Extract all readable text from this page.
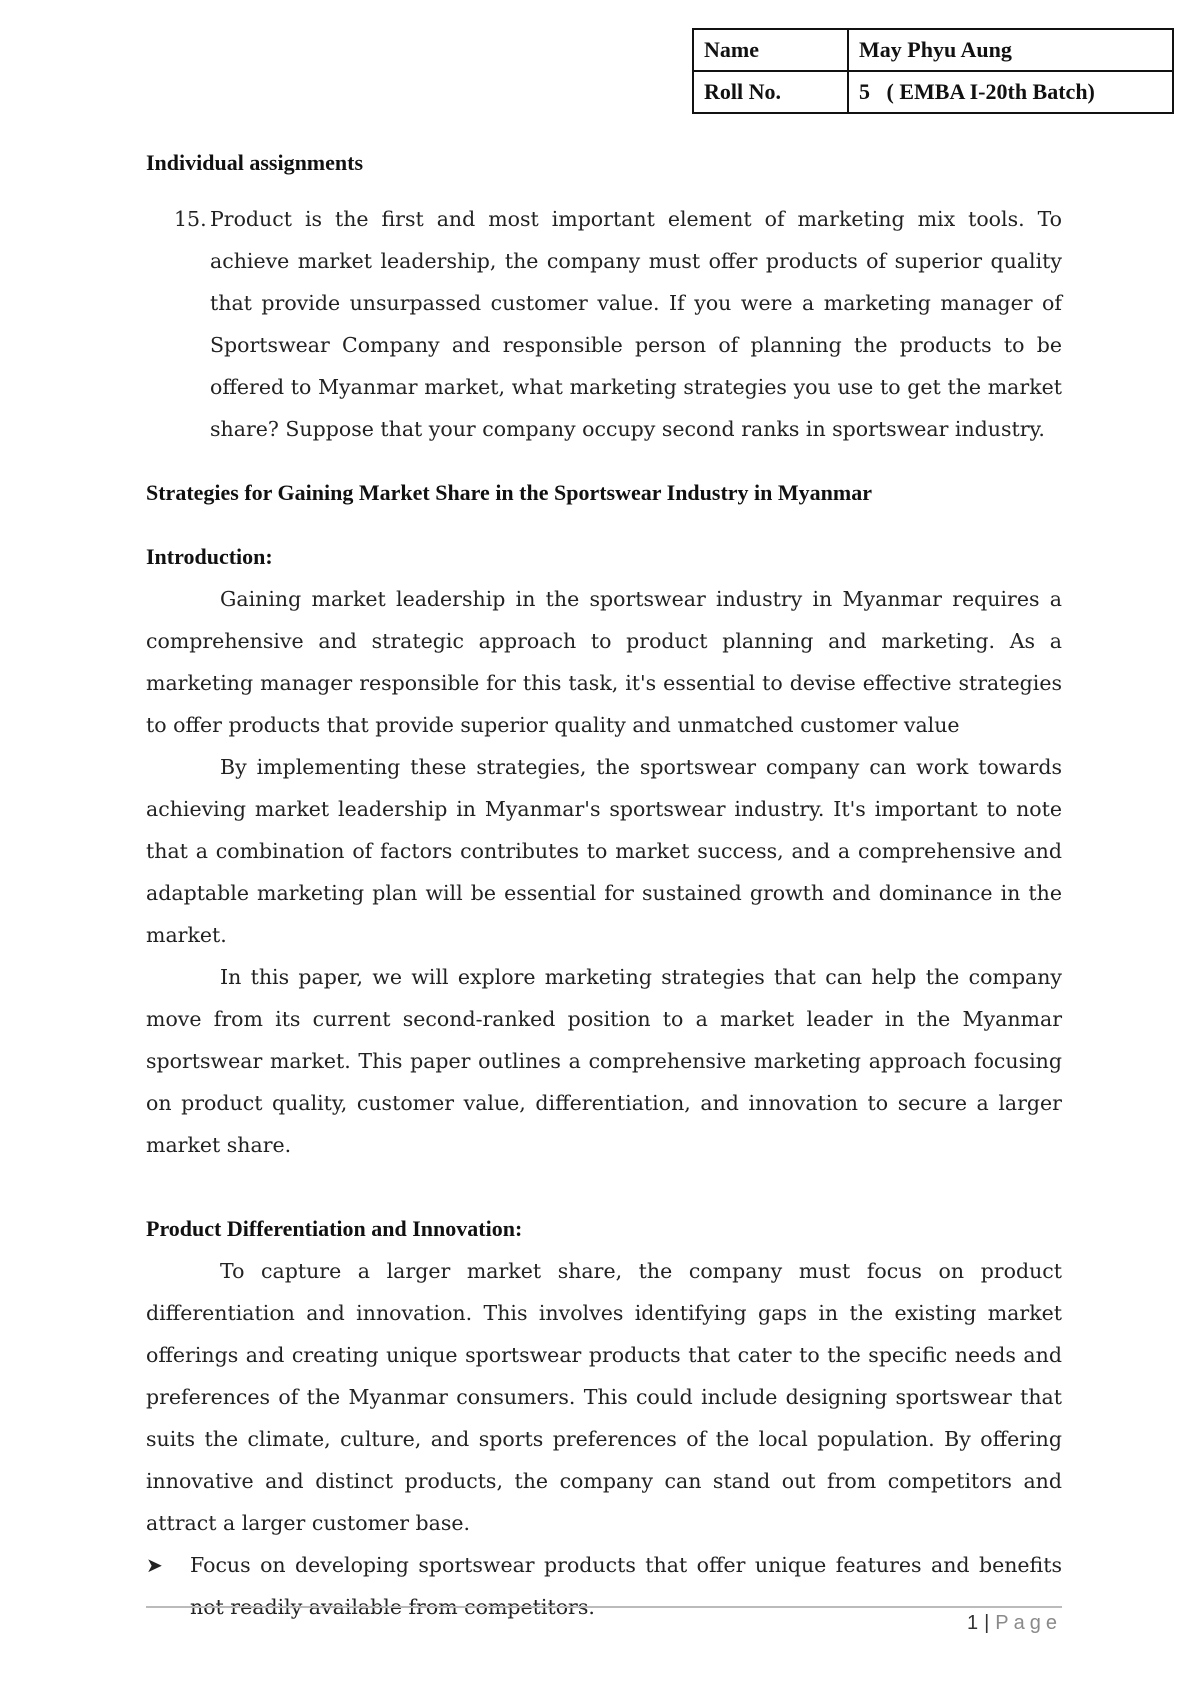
Name	May Phyu Aung
Roll No.	5   ( EMBA I-20th Batch)

Individual assignments

15. Product is the first and most important element of marketing mix tools. To achieve market leadership, the company must offer products of superior quality that provide unsurpassed customer value. If you were a marketing manager of Sportswear Company and responsible person of planning the products to be offered to Myanmar market, what marketing strategies you use to get the market share? Suppose that your company occupy second ranks in sportswear industry.

Strategies for Gaining Market Share in the Sportswear Industry in Myanmar

Introduction:

Gaining market leadership in the sportswear industry in Myanmar requires a comprehensive and strategic approach to product planning and marketing. As a marketing manager responsible for this task, it's essential to devise effective strategies to offer products that provide superior quality and unmatched customer value

By implementing these strategies, the sportswear company can work towards achieving market leadership in Myanmar's sportswear industry. It's important to note that a combination of factors contributes to market success, and a comprehensive and adaptable marketing plan will be essential for sustained growth and dominance in the market.

In this paper, we will explore marketing strategies that can help the company move from its current second-ranked position to a market leader in the Myanmar sportswear market. This paper outlines a comprehensive marketing approach focusing on product quality, customer value, differentiation, and innovation to secure a larger market share.

Product Differentiation and Innovation:

To capture a larger market share, the company must focus on product differentiation and innovation. This involves identifying gaps in the existing market offerings and creating unique sportswear products that cater to the specific needs and preferences of the Myanmar consumers. This could include designing sportswear that suits the climate, culture, and sports preferences of the local population. By offering innovative and distinct products, the company can stand out from competitors and attract a larger customer base.

➤	Focus on developing sportswear products that offer unique features and benefits not readily available from competitors.
1 | Page
